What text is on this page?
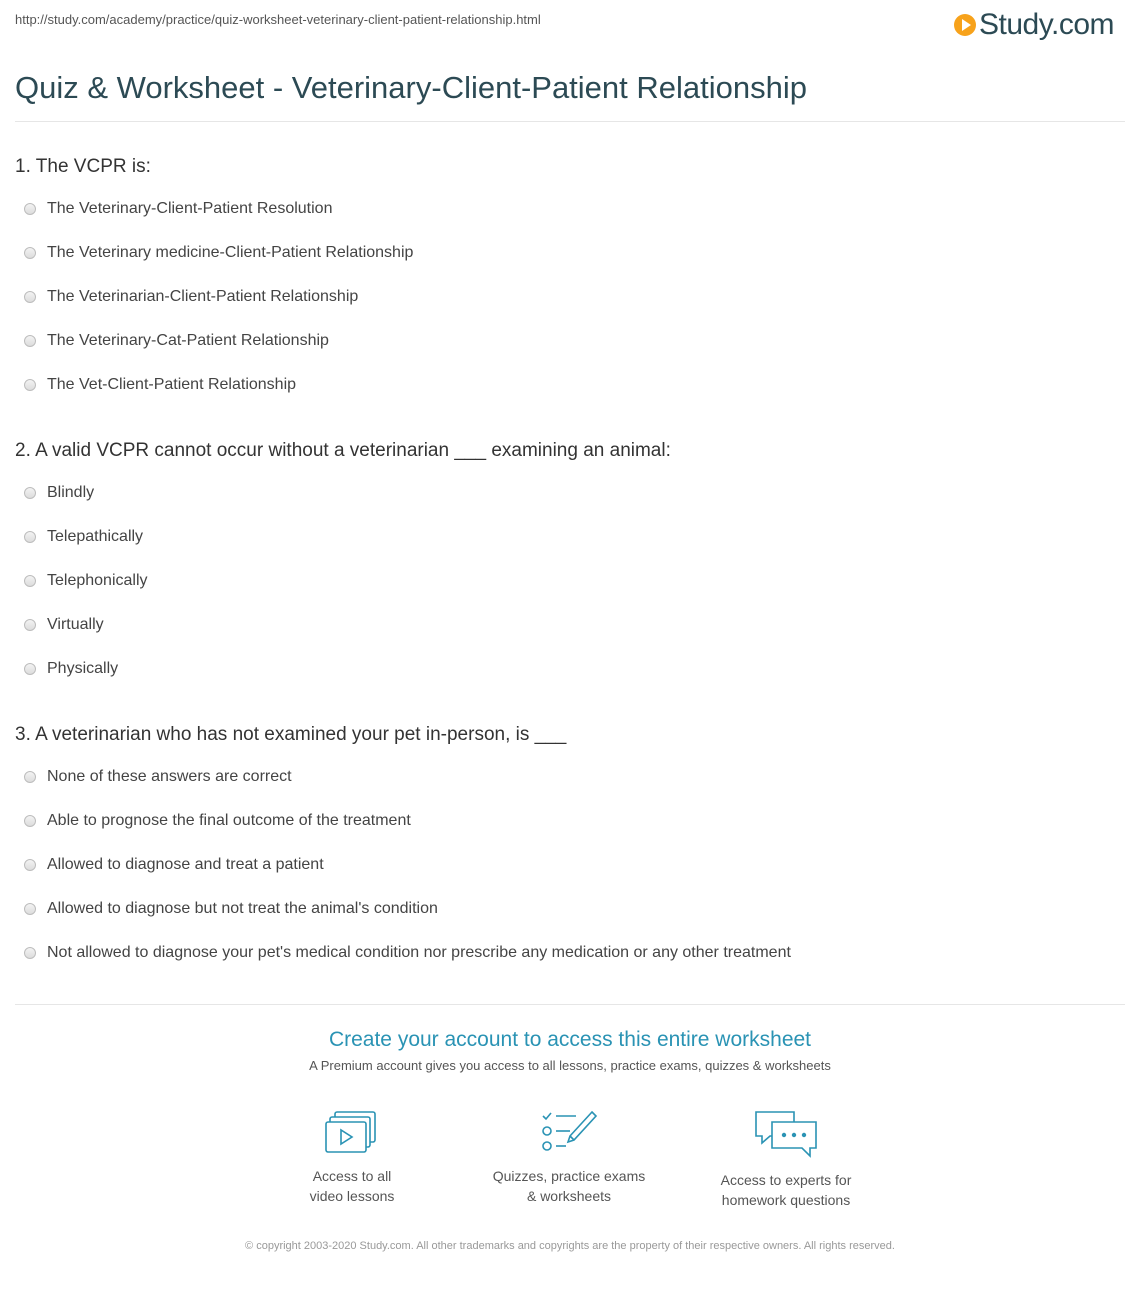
http://study.com/academy/practice/quiz-worksheet-veterinary-client-patient-relationship.html	Study.com
Quiz & Worksheet - Veterinary-Client-Patient Relationship
1. The VCPR is:
The Veterinary-Client-Patient Resolution
The Veterinary medicine-Client-Patient Relationship
The Veterinarian-Client-Patient Relationship
The Veterinary-Cat-Patient Relationship
The Vet-Client-Patient Relationship
2. A valid VCPR cannot occur without a veterinarian ___ examining an animal:
Blindly
Telepathically
Telephonically
Virtually
Physically
3. A veterinarian who has not examined your pet in-person, is ___
None of these answers are correct
Able to prognose the final outcome of the treatment
Allowed to diagnose and treat a patient
Allowed to diagnose but not treat the animal's condition
Not allowed to diagnose your pet's medical condition nor prescribe any medication or any other treatment
Create your account to access this entire worksheet
A Premium account gives you access to all lessons, practice exams, quizzes & worksheets
Access to all
video lessons
Quizzes, practice exams
& worksheets
Access to experts for
homework questions
© copyright 2003-2020 Study.com. All other trademarks and copyrights are the property of their respective owners. All rights reserved.
